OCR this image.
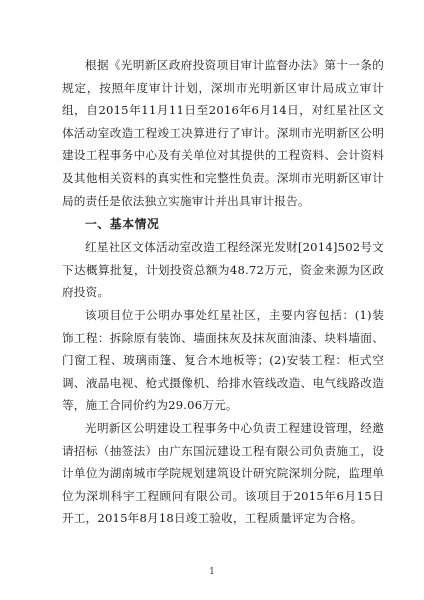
根据《光明新区政府投资项目审计监督办法》第十一条的规定，按照年度审计计划，深圳市光明新区审计局成立审计组，自2015年11月11日至2016年6月14日，对红星社区文体活动室改造工程竣工决算进行了审计。深圳市光明新区公明建设工程事务中心及有关单位对其提供的工程资料、会计资料及其他相关资料的真实性和完整性负责。深圳市光明新区审计局的责任是依法独立实施审计并出具审计报告。

一、基本情况

红星社区文体活动室改造工程经深光发财[2014]502号文下达概算批复，计划投资总额为48.72万元，资金来源为区政府投资。

该项目位于公明办事处红星社区，主要内容包括：(1)装饰工程：拆除原有装饰、墙面抹灰及抹灰面油漆、块料墙面、门窗工程、玻璃雨篷、复合木地板等；(2)安装工程：柜式空调、液晶电视、枪式摄像机、给排水管线改造、电气线路改造等，施工合同价约为29.06万元。

光明新区公明建设工程事务中心负责工程建设管理，经邀请招标（抽签法）由广东国沅建设工程有限公司负责施工，设计单位为湖南城市学院规划建筑设计研究院深圳分院，监理单位为深圳科宇工程顾问有限公司。该项目于2015年6月15日开工，2015年8月18日竣工验收，工程质量评定为合格。

1
